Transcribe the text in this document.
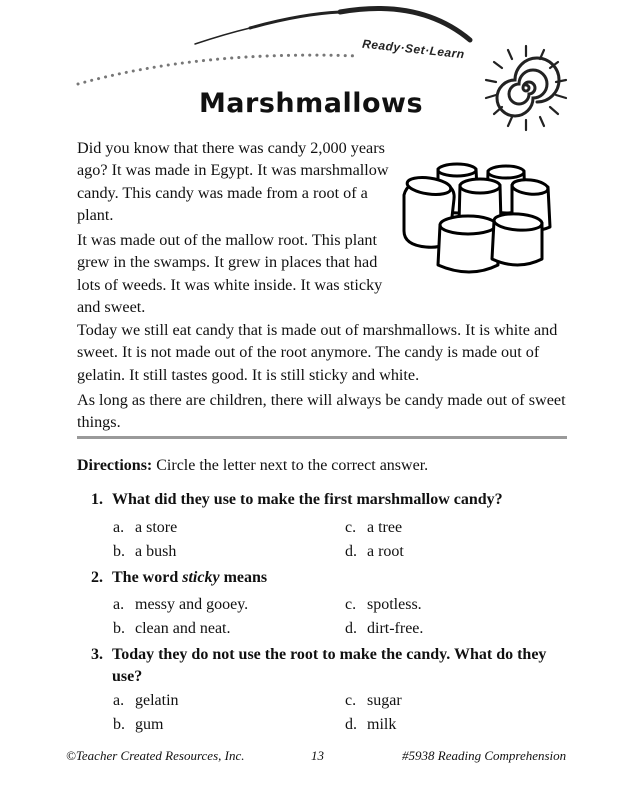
Ready·Set·Learn
Marshmallows

Did you know that there was candy 2,000 years ago? It was made in Egypt. It was marshmallow candy. This candy was made from a root of a plant.

It was made out of the mallow root. This plant grew in the swamps. It grew in places that had lots of weeds. It was white inside. It was sticky and sweet.

Today we still eat candy that is made out of marshmallows. It is white and sweet. It is not made out of the root anymore. The candy is made out of gelatin. It still tastes good. It is still sticky and white.

As long as there are children, there will always be candy made out of sweet things.

Directions: Circle the letter next to the correct answer.
1. What did they use to make the first marshmallow candy?
a. a store
b. a bush
c. a tree
d. a root
2. The word sticky means
a. messy and gooey.
b. clean and neat.
c. spotless.
d. dirt-free.
3. Today they do not use the root to make the candy. What do they use?
a. gelatin
b. gum
c. sugar
d. milk
©Teacher Created Resources, Inc.	13	#5938 Reading Comprehension
